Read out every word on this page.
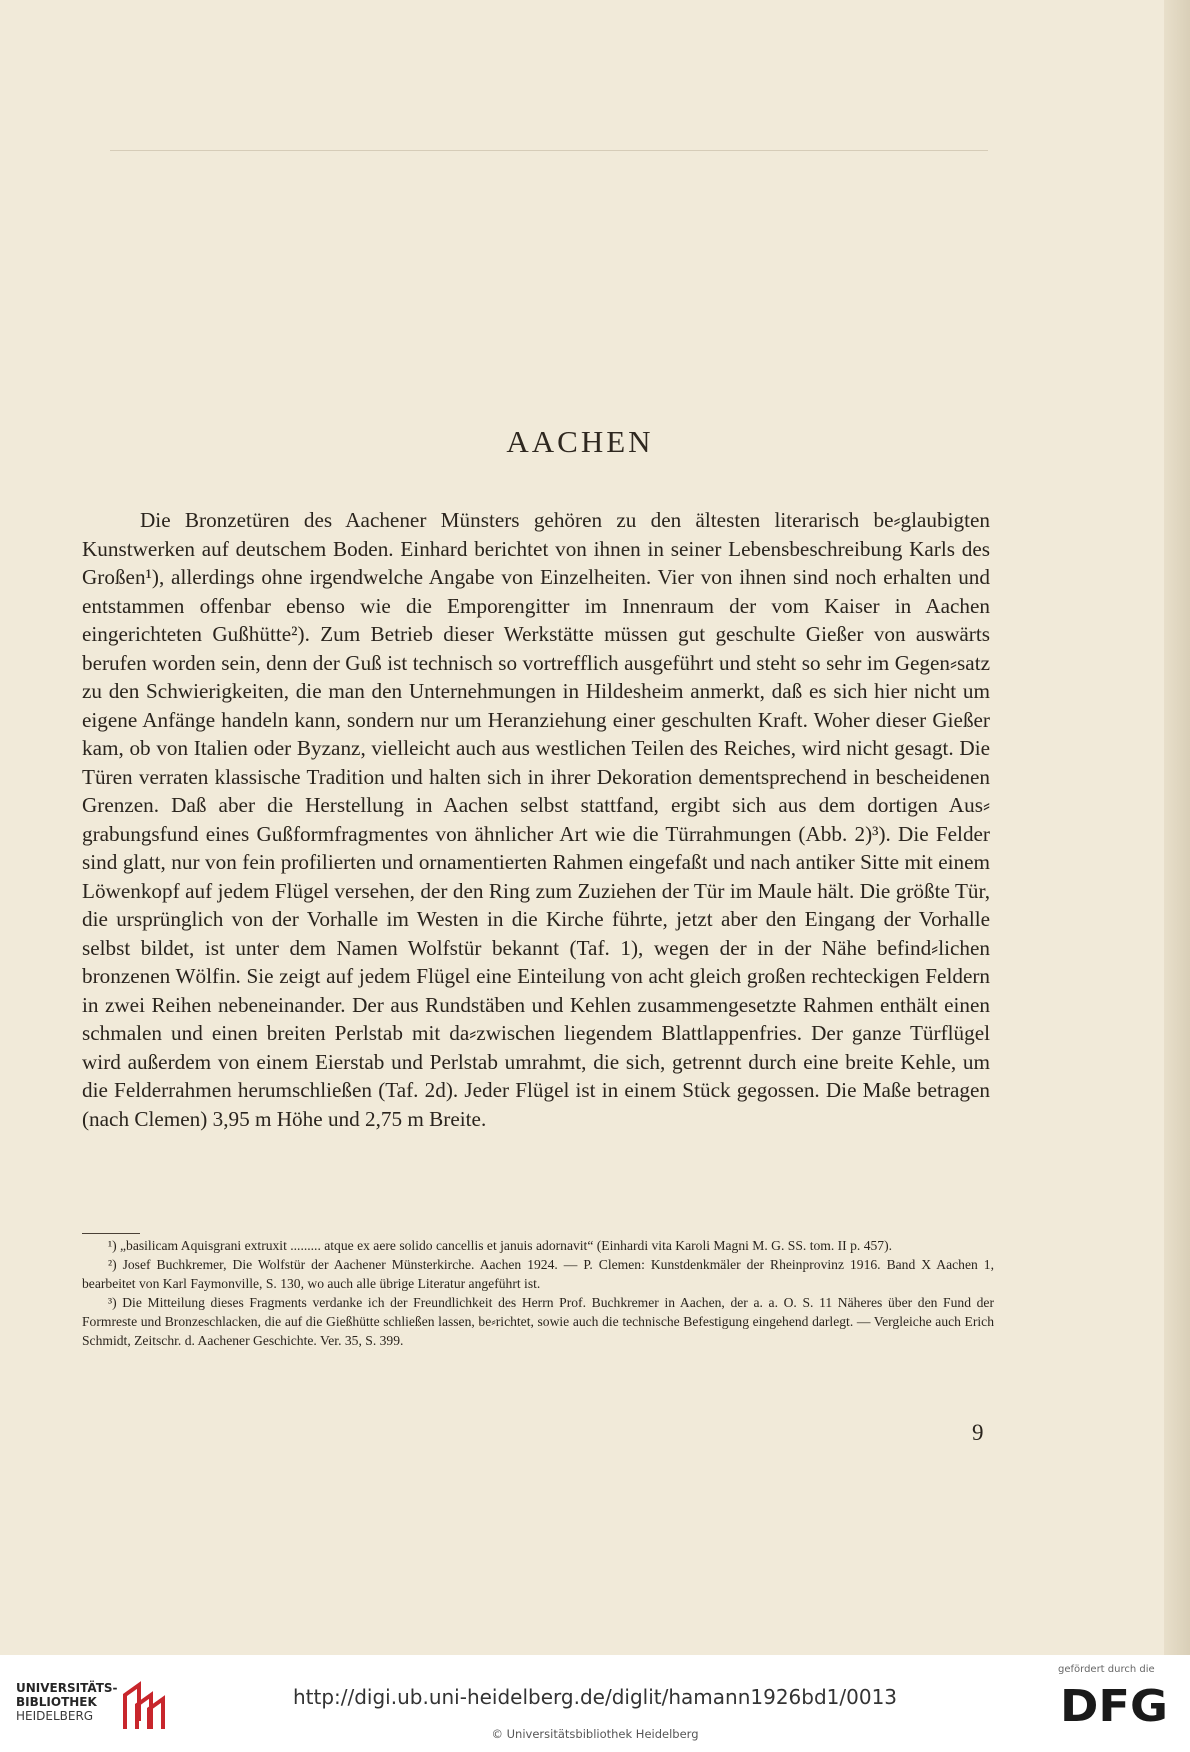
AACHEN

Die Bronzetüren des Aachener Münsters gehören zu den ältesten literarisch be⸗glaubigten Kunstwerken auf deutschem Boden. Einhard berichtet von ihnen in seiner Lebensbeschreibung Karls des Großen¹), allerdings ohne irgendwelche Angabe von Einzelheiten. Vier von ihnen sind noch erhalten und entstammen offenbar ebenso wie die Emporengitter im Innenraum der vom Kaiser in Aachen eingerichteten Gußhütte²). Zum Betrieb dieser Werkstätte müssen gut geschulte Gießer von auswärts berufen worden sein, denn der Guß ist technisch so vortrefflich ausgeführt und steht so sehr im Gegen⸗satz zu den Schwierigkeiten, die man den Unternehmungen in Hildesheim anmerkt, daß es sich hier nicht um eigene Anfänge handeln kann, sondern nur um Heranziehung einer geschulten Kraft. Woher dieser Gießer kam, ob von Italien oder Byzanz, vielleicht auch aus westlichen Teilen des Reiches, wird nicht gesagt. Die Türen verraten klassische Tradition und halten sich in ihrer Dekoration dementsprechend in bescheidenen Grenzen. Daß aber die Herstellung in Aachen selbst stattfand, ergibt sich aus dem dortigen Aus⸗grabungsfund eines Gußformfragmentes von ähnlicher Art wie die Türrahmungen (Abb. 2)³). Die Felder sind glatt, nur von fein profilierten und ornamentierten Rahmen eingefaßt und nach antiker Sitte mit einem Löwenkopf auf jedem Flügel versehen, der den Ring zum Zuziehen der Tür im Maule hält. Die größte Tür, die ursprünglich von der Vorhalle im Westen in die Kirche führte, jetzt aber den Eingang der Vorhalle selbst bildet, ist unter dem Namen Wolfstür bekannt (Taf. 1), wegen der in der Nähe befind⸗lichen bronzenen Wölfin. Sie zeigt auf jedem Flügel eine Einteilung von acht gleich großen rechteckigen Feldern in zwei Reihen nebeneinander. Der aus Rundstäben und Kehlen zusammengesetzte Rahmen enthält einen schmalen und einen breiten Perlstab mit da⸗zwischen liegendem Blattlappenfries. Der ganze Türflügel wird außerdem von einem Eierstab und Perlstab umrahmt, die sich, getrennt durch eine breite Kehle, um die Felderrahmen herumschließen (Taf. 2d). Jeder Flügel ist in einem Stück gegossen. Die Maße betragen (nach Clemen) 3,95 m Höhe und 2,75 m Breite.

¹) „basilicam Aquisgrani extruxit ......... atque ex aere solido cancellis et januis adornavit“ (Einhardi vita Karoli Magni M. G. SS. tom. II p. 457).

²) Josef Buchkremer, Die Wolfstür der Aachener Münsterkirche. Aachen 1924. — P. Clemen: Kunstdenkmäler der Rheinprovinz 1916. Band X Aachen 1, bearbeitet von Karl Faymonville, S. 130, wo auch alle übrige Literatur angeführt ist.

³) Die Mitteilung dieses Fragments verdanke ich der Freundlichkeit des Herrn Prof. Buchkremer in Aachen, der a. a. O. S. 11 Näheres über den Fund der Formreste und Bronzeschlacken, die auf die Gießhütte schließen lassen, be⸗richtet, sowie auch die technische Befestigung eingehend darlegt. — Vergleiche auch Erich Schmidt, Zeitschr. d. Aachener Geschichte. Ver. 35, S. 399.

9
UNIVERSITÄTS-
BIBLIOTHEK
HEIDELBERG
http://digi.ub.uni-heidelberg.de/diglit/hamann1926bd1/0013
© Universitätsbibliothek Heidelberg
gefördert durch die
DFG
